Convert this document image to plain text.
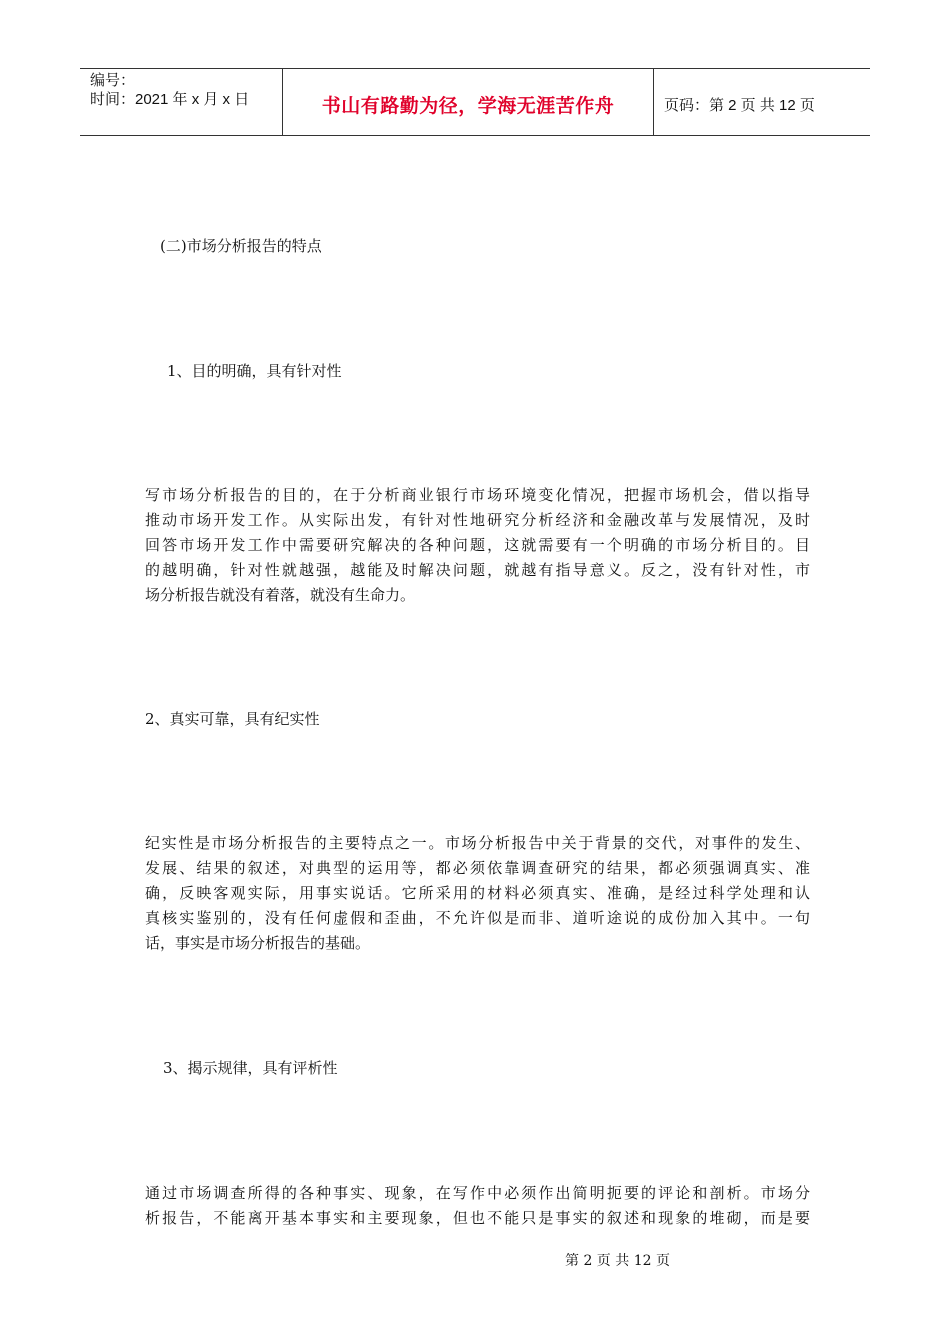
编号：
时间：2021 年 x 月 x 日	书山有路勤为径，学海无涯苦作舟	页码：第 2 页 共 12 页
(二)市场分析报告的特点
1、目的明确，具有针对性
写市场分析报告的目的，在于分析商业银行市场环境变化情况，把握市场机会，借以指导
推动市场开发工作。从实际出发，有针对性地研究分析经济和金融改革与发展情况，及时
回答市场开发工作中需要研究解决的各种问题，这就需要有一个明确的市场分析目的。目
的越明确，针对性就越强，越能及时解决问题，就越有指导意义。反之，没有针对性，市
场分析报告就没有着落，就没有生命力。
2、真实可靠，具有纪实性
纪实性是市场分析报告的主要特点之一。市场分析报告中关于背景的交代，对事件的发生、
发展、结果的叙述，对典型的运用等，都必须依靠调查研究的结果，都必须强调真实、准
确，反映客观实际，用事实说话。它所采用的材料必须真实、准确，是经过科学处理和认
真核实鉴别的，没有任何虚假和歪曲，不允许似是而非、道听途说的成份加入其中。一句
话，事实是市场分析报告的基础。
3、揭示规律，具有评析性
通过市场调查所得的各种事实、现象，在写作中必须作出简明扼要的评论和剖析。市场分
析报告，不能离开基本事实和主要现象，但也不能只是事实的叙述和现象的堆砌，而是要
第 2 页 共 12 页
